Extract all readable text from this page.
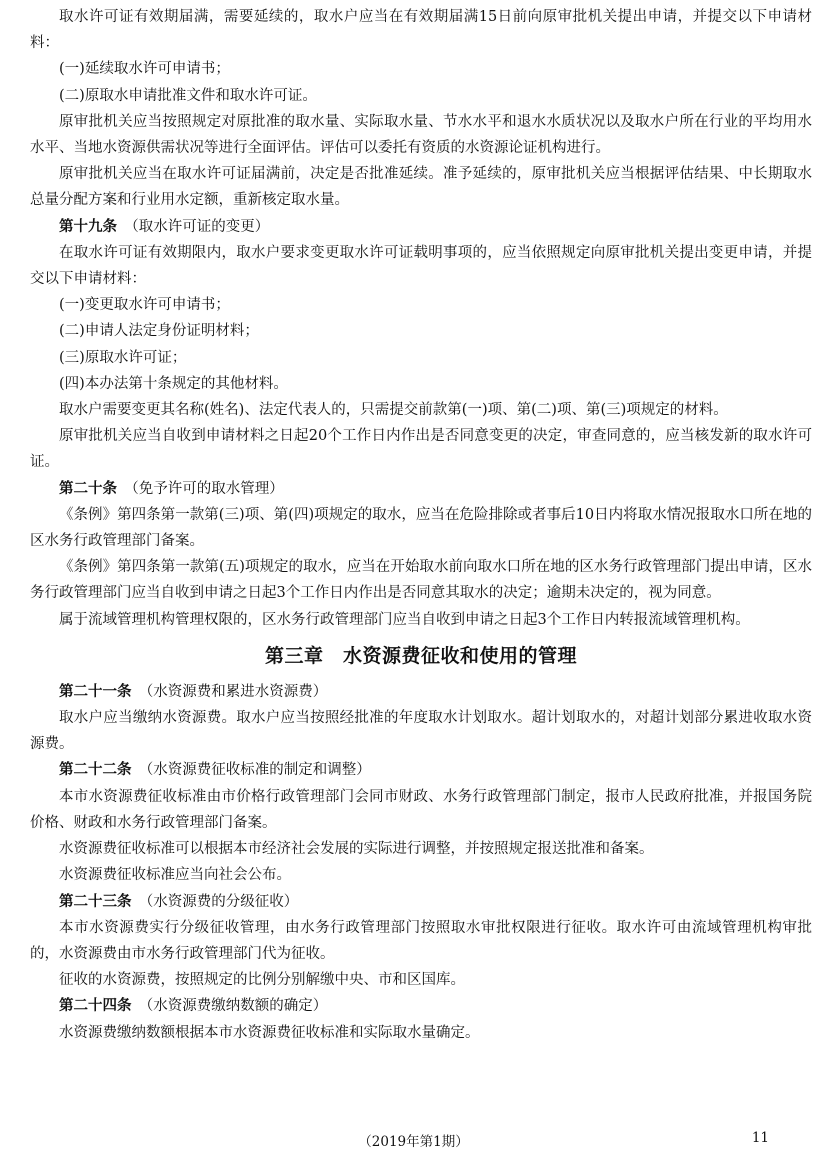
取水许可证有效期届满，需要延续的，取水户应当在有效期届满15日前向原审批机关提出申请，并提交以下申请材料：

(一)延续取水许可申请书；

(二)原取水申请批准文件和取水许可证。

原审批机关应当按照规定对原批准的取水量、实际取水量、节水水平和退水水质状况以及取水户所在行业的平均用水水平、当地水资源供需状况等进行全面评估。评估可以委托有资质的水资源论证机构进行。

原审批机关应当在取水许可证届满前，决定是否批准延续。准予延续的，原审批机关应当根据评估结果、中长期取水总量分配方案和行业用水定额，重新核定取水量。

第十九条　 （取水许可证的变更）

在取水许可证有效期限内，取水户要求变更取水许可证载明事项的，应当依照规定向原审批机关提出变更申请，并提交以下申请材料：

(一)变更取水许可申请书；

(二)申请人法定身份证明材料；

(三)原取水许可证；

(四)本办法第十条规定的其他材料。

取水户需要变更其名称(姓名)、法定代表人的，只需提交前款第(一)项、第(二)项、第(三)项规定的材料。

原审批机关应当自收到申请材料之日起20个工作日内作出是否同意变更的决定，审查同意的，应当核发新的取水许可证。

第二十条　 （免予许可的取水管理）

《条例》第四条第一款第(三)项、第(四)项规定的取水，应当在危险排除或者事后10日内将取水情况报取水口所在地的区水务行政管理部门备案。

《条例》第四条第一款第(五)项规定的取水，应当在开始取水前向取水口所在地的区水务行政管理部门提出申请，区水务行政管理部门应当自收到申请之日起3个工作日内作出是否同意其取水的决定；逾期未决定的，视为同意。

属于流域管理机构管理权限的，区水务行政管理部门应当自收到申请之日起3个工作日内转报流域管理机构。

第三章　水资源费征收和使用的管理

第二十一条　 （水资源费和累进水资源费）

取水户应当缴纳水资源费。取水户应当按照经批准的年度取水计划取水。超计划取水的，对超计划部分累进收取水资源费。

第二十二条　 （水资源费征收标准的制定和调整）

本市水资源费征收标准由市价格行政管理部门会同市财政、水务行政管理部门制定，报市人民政府批准，并报国务院价格、财政和水务行政管理部门备案。

水资源费征收标准可以根据本市经济社会发展的实际进行调整，并按照规定报送批准和备案。

水资源费征收标准应当向社会公布。

第二十三条　 （水资源费的分级征收）

本市水资源费实行分级征收管理，由水务行政管理部门按照取水审批权限进行征收。取水许可由流域管理机构审批的，水资源费由市水务行政管理部门代为征收。

征收的水资源费，按照规定的比例分别解缴中央、市和区国库。

第二十四条　 （水资源费缴纳数额的确定）

水资源费缴纳数额根据本市水资源费征收标准和实际取水量确定。

（2019年第1期）	11
